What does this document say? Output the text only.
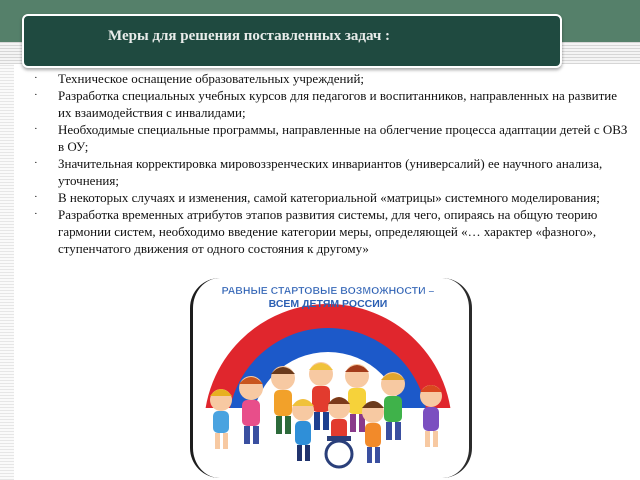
Меры для решения поставленных задач :
· Техническое оснащение образовательных учреждений;
· Разработка специальных учебных курсов для педагогов и воспитанников, направленных на развитие их взаимодействия с инвалидами;
· Необходимые специальные программы, направленные на облегчение процесса адаптации детей с ОВЗ в ОУ;
· Значительная корректировка мировоззренческих инвариантов (универсалий) ее научного анализа, уточнения;
· В некоторых случаях и изменения, самой категориальной «матрицы» системного моделирования;
· Разработка временных атрибутов этапов развития системы, для чего, опираясь на общую теорию гармонии систем, необходимо введение категории меры, определяющей «… характер «фазного», ступенчатого движения от одного состояния к другому»
РАВНЫЕ СТАРТОВЫЕ ВОЗМОЖНОСТИ –
ВСЕМ ДЕТЯМ РОССИИ
